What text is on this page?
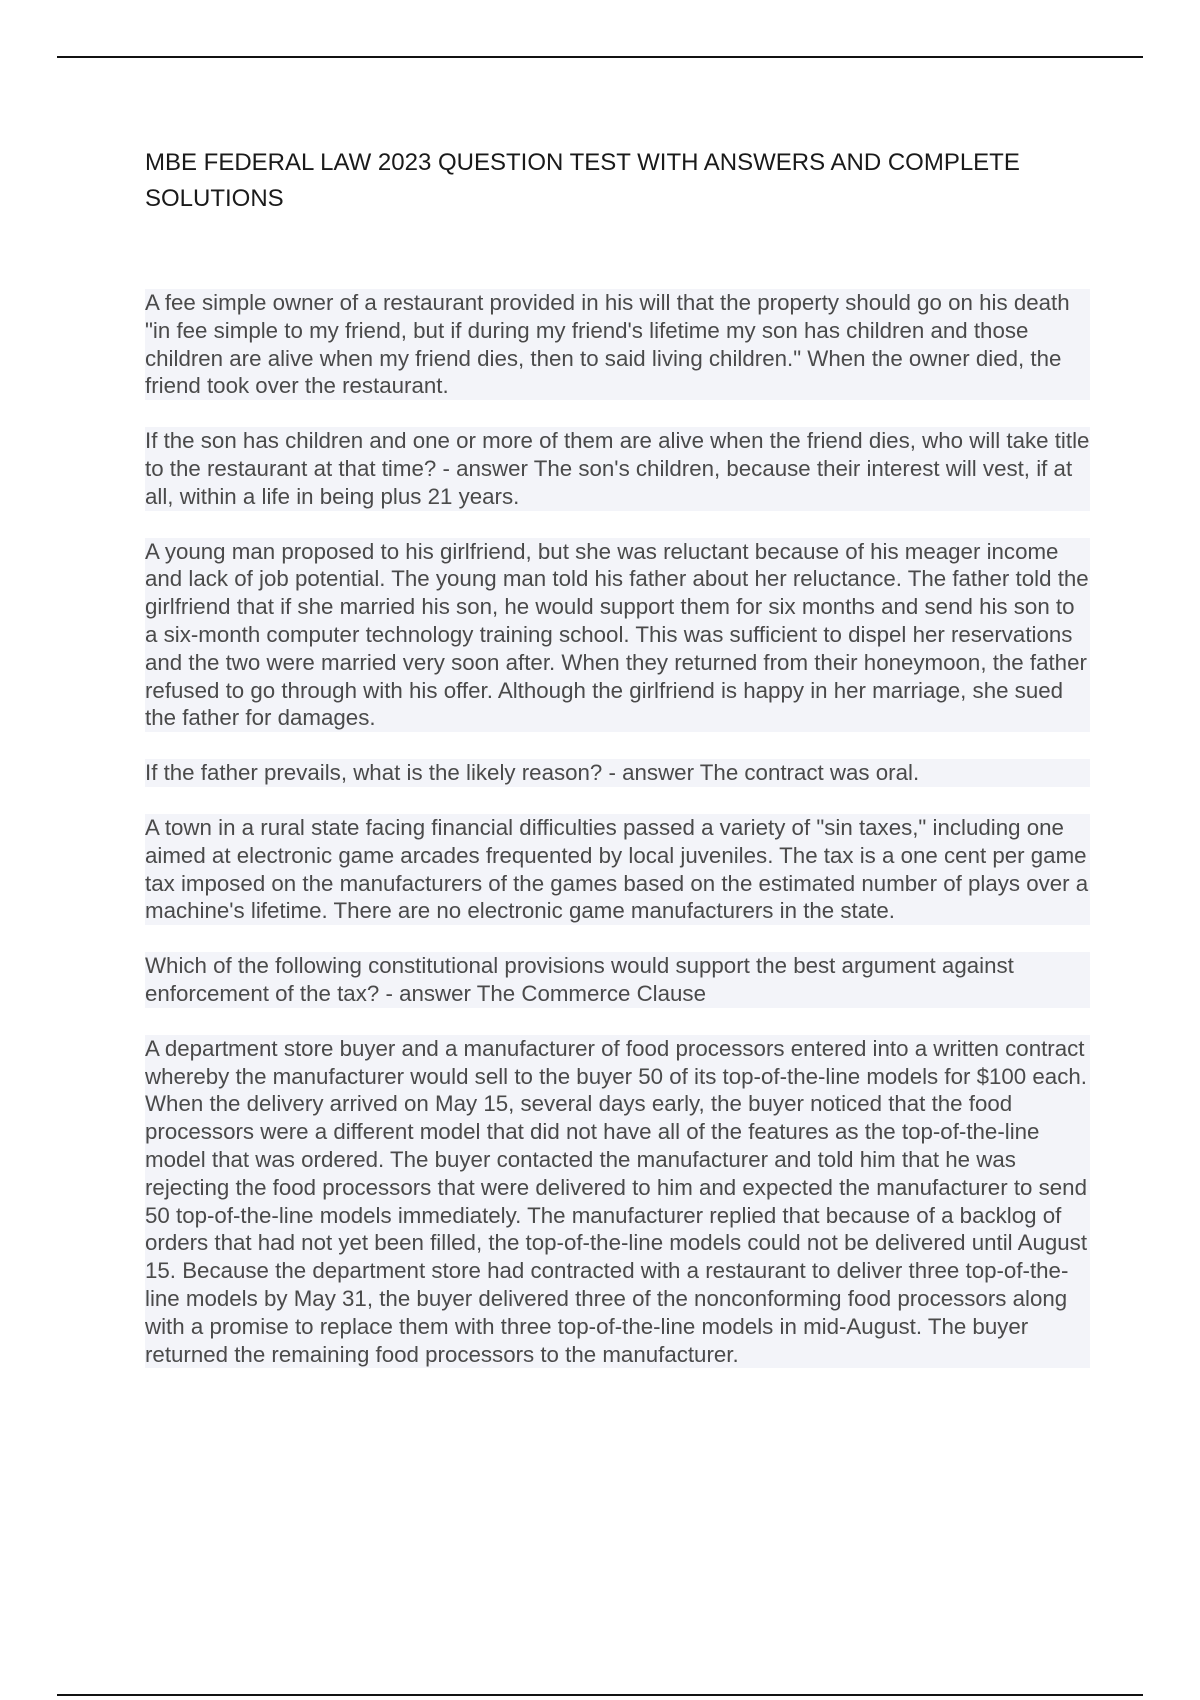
MBE FEDERAL LAW 2023 QUESTION TEST WITH ANSWERS AND COMPLETE SOLUTIONS

A fee simple owner of a restaurant provided in his will that the property should go on his death "in fee simple to my friend, but if during my friend's lifetime my son has children and those children are alive when my friend dies, then to said living children." When the owner died, the friend took over the restaurant.

If the son has children and one or more of them are alive when the friend dies, who will take title to the restaurant at that time? - answer The son's children, because their interest will vest, if at all, within a life in being plus 21 years.

A young man proposed to his girlfriend, but she was reluctant because of his meager income and lack of job potential. The young man told his father about her reluctance. The father told the girlfriend that if she married his son, he would support them for six months and send his son to a six-month computer technology training school. This was sufficient to dispel her reservations and the two were married very soon after. When they returned from their honeymoon, the father refused to go through with his offer. Although the girlfriend is happy in her marriage, she sued the father for damages.

If the father prevails, what is the likely reason? - answer The contract was oral.

A town in a rural state facing financial difficulties passed a variety of "sin taxes," including one aimed at electronic game arcades frequented by local juveniles. The tax is a one cent per game tax imposed on the manufacturers of the games based on the estimated number of plays over a machine's lifetime. There are no electronic game manufacturers in the state.

Which of the following constitutional provisions would support the best argument against enforcement of the tax? - answer The Commerce Clause

A department store buyer and a manufacturer of food processors entered into a written contract whereby the manufacturer would sell to the buyer 50 of its top-of-the-line models for $100 each. When the delivery arrived on May 15, several days early, the buyer noticed that the food processors were a different model that did not have all of the features as the top-of-the-line model that was ordered. The buyer contacted the manufacturer and told him that he was rejecting the food processors that were delivered to him and expected the manufacturer to send 50 top-of-the-line models immediately. The manufacturer replied that because of a backlog of orders that had not yet been filled, the top-of-the-line models could not be delivered until August 15. Because the department store had contracted with a restaurant to deliver three top-of-the-line models by May 31, the buyer delivered three of the nonconforming food processors along with a promise to replace them with three top-of-the-line models in mid-August. The buyer returned the remaining food processors to the manufacturer.
